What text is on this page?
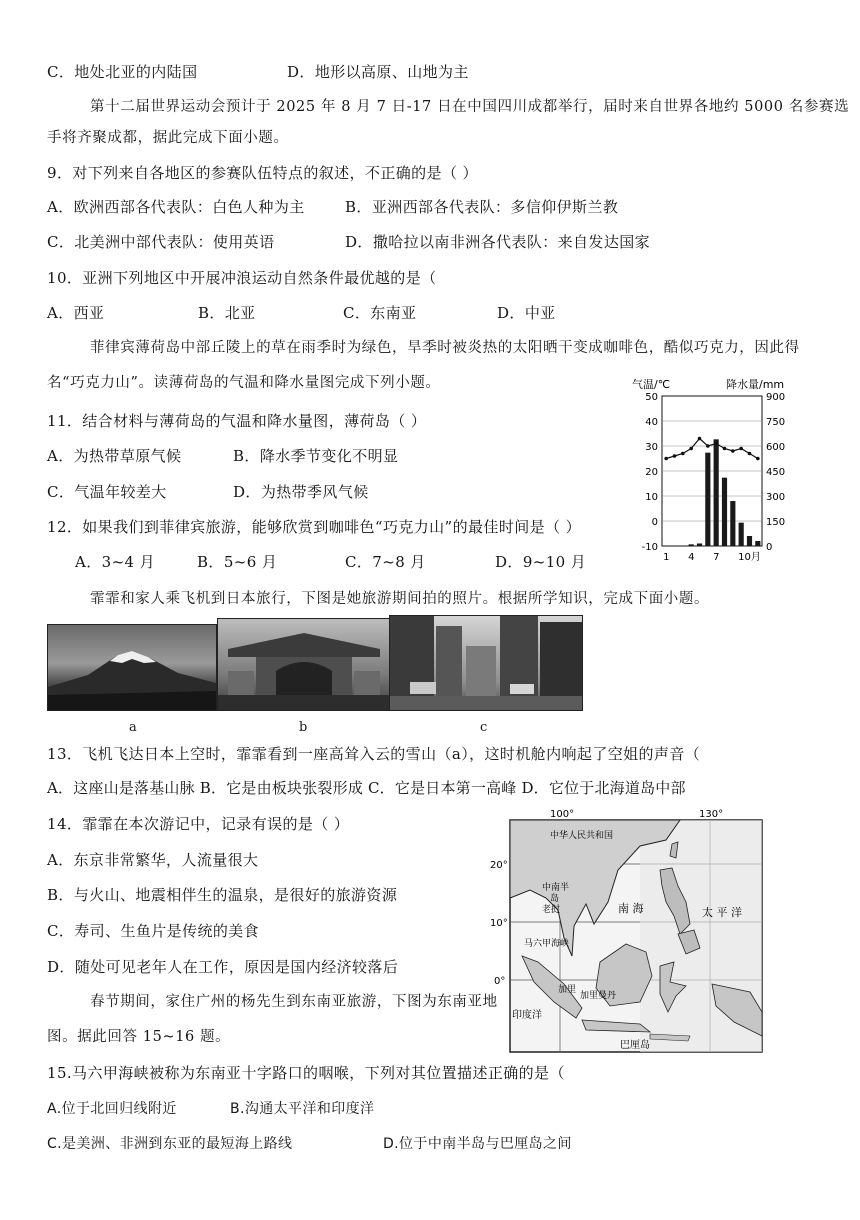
C．地处北亚的内陆国	D．地形以高原、山地为主
第十二届世界运动会预计于 2025 年 8 月 7 日-17 日在中国四川成都举行，届时来自世界各地约 5000 名参赛选
手将齐聚成都，据此完成下面小题。
9．对下列来自各地区的参赛队伍特点的叙述，不正确的是（ ）
A．欧洲西部各代表队：白色人种为主	B．亚洲西部各代表队：多信仰伊斯兰教
C．北美洲中部代表队：使用英语	D．撒哈拉以南非洲各代表队：来自发达国家
10．亚洲下列地区中开展冲浪运动自然条件最优越的是（
A．西亚	B．北亚	C．东南亚	D．中亚
菲律宾薄荷岛中部丘陵上的草在雨季时为绿色，旱季时被炎热的太阳晒干变成咖啡色，酷似巧克力，因此得
名“巧克力山”。读薄荷岛的气温和降水量图完成下列小题。
11．结合材料与薄荷岛的气温和降水量图，薄荷岛（ ）
A．为热带草原气候	B．降水季节变化不明显
C．气温年较差大	D．为热带季风气候
12．如果我们到菲律宾旅游，能够欣赏到咖啡色“巧克力山”的最佳时间是（ ）
A．3~4 月	B．5~6 月	C．7~8 月	D．9~10 月
气温/℃	降水量/mm
50
40
30
20
10
0
-10
900
750
600
450
300
150
0
1 4 7 10月
霏霏和家人乘飞机到日本旅行，下图是她旅游期间拍的照片。根据所学知识，完成下面小题。
a	b	c
13．飞机飞达日本上空时，霏霏看到一座高耸入云的雪山（a），这时机舱内响起了空姐的声音（
A．这座山是落基山脉 B．它是由板块张裂形成 C．它是日本第一高峰 D．它位于北海道岛中部
14．霏霏在本次游记中，记录有误的是（ ）
A．东京非常繁华，人流量很大
B．与火山、地震相伴生的温泉，是很好的旅游资源
C．寿司、生鱼片是传统的美食
D．随处可见老年人在工作，原因是国内经济较落后
春节期间，家住广州的杨先生到东南亚旅游，下图为东南亚地
图。据此回答 15~16 题。
100°	130°
20°
10°
0°
中华人民共和国
中南半
岛
老挝	南 海	太 平 洋
马六甲海峡
加里曼丹
印度洋
巴厘岛
加里
15.马六甲海峡被称为东南亚十字路口的咽喉，下列对其位置描述正确的是（
A.位于北回归线附近	B.沟通太平洋和印度洋
C.是美洲、非洲到东亚的最短海上路线	D.位于中南半岛与巴厘岛之间
